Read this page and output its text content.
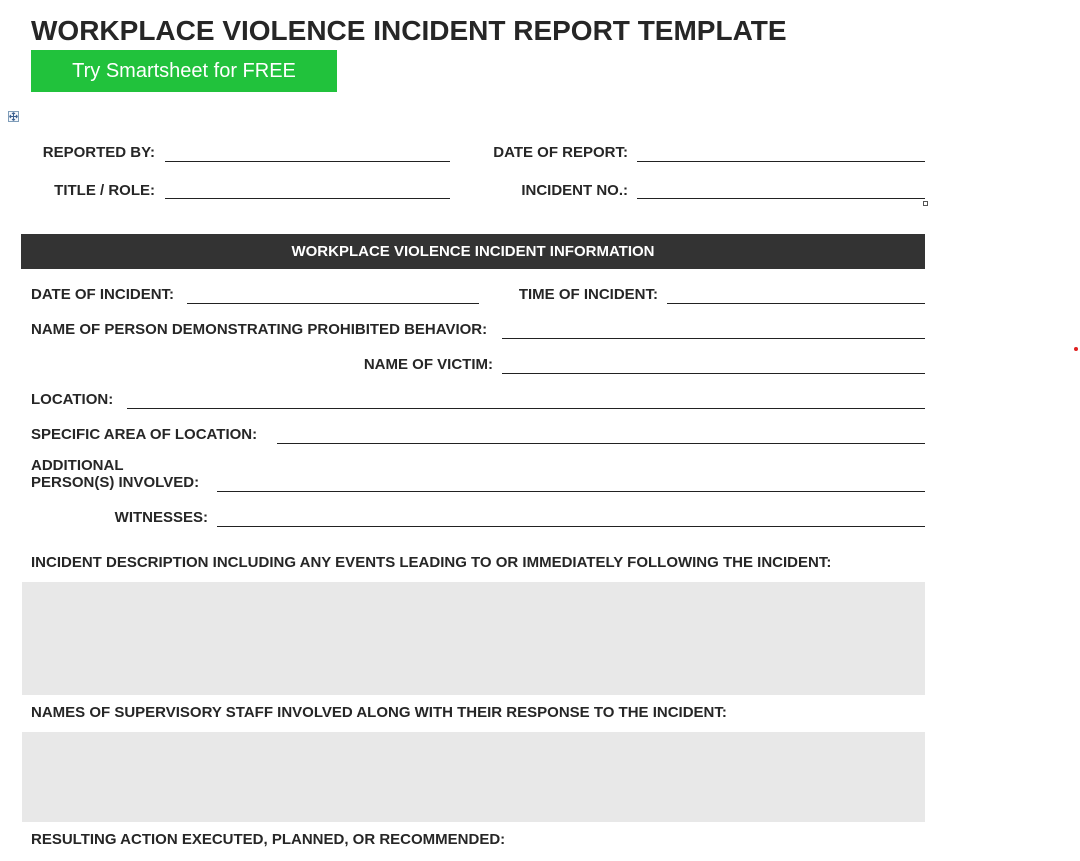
WORKPLACE VIOLENCE INCIDENT REPORT TEMPLATE
Try Smartsheet for FREE
REPORTED BY:	DATE OF REPORT:
TITLE / ROLE:	INCIDENT NO.:
WORKPLACE VIOLENCE INCIDENT INFORMATION
DATE OF INCIDENT:	TIME OF INCIDENT:
NAME OF PERSON DEMONSTRATING PROHIBITED BEHAVIOR:
NAME OF VICTIM:
LOCATION:
SPECIFIC AREA OF LOCATION:
ADDITIONAL
PERSON(S) INVOLVED:
WITNESSES:
INCIDENT DESCRIPTION INCLUDING ANY EVENTS LEADING TO OR IMMEDIATELY FOLLOWING THE INCIDENT:
NAMES OF SUPERVISORY STAFF INVOLVED ALONG WITH THEIR RESPONSE TO THE INCIDENT:
RESULTING ACTION EXECUTED, PLANNED, OR RECOMMENDED:
